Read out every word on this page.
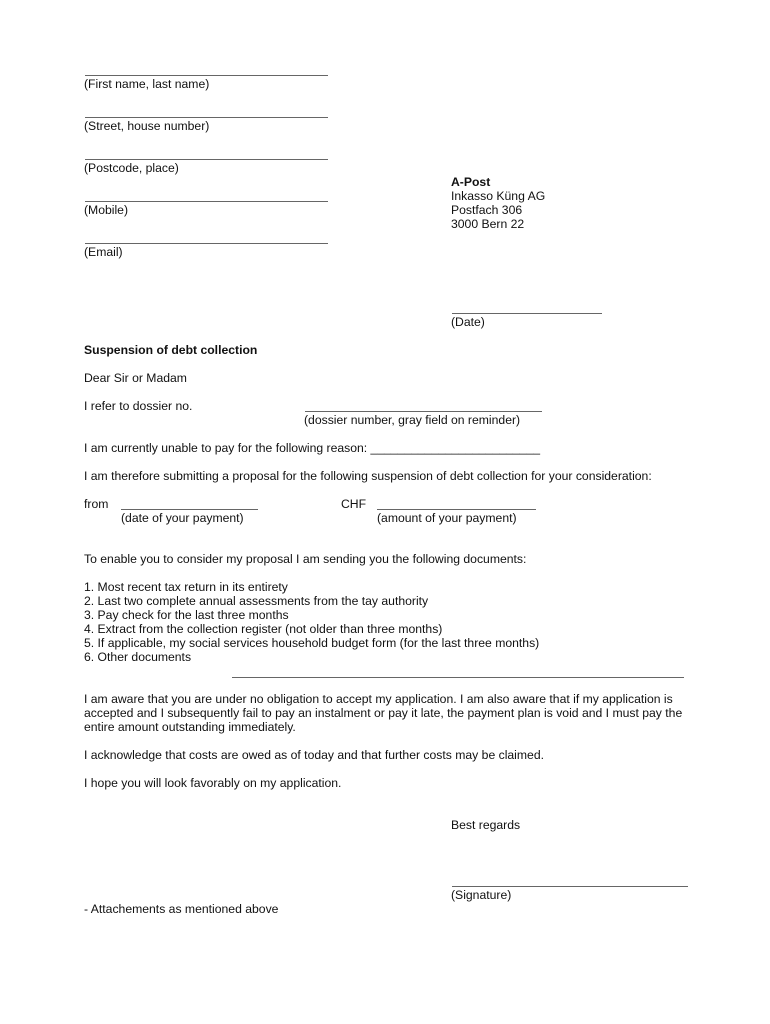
(First name, last name)
(Street, house number)
(Postcode, place)
(Mobile)
(Email)
A-Post
Inkasso Küng AG
Postfach 306
3000 Bern 22
(Date)
Suspension of debt collection
Dear Sir or Madam
I refer to dossier no.
(dossier number, gray field on reminder)
I am currently unable to pay for the following reason: _________________________
I am therefore submitting a proposal for the following suspension of debt collection for your consideration:
from
(date of your payment)
CHF
(amount of your payment)
To enable you to consider my proposal I am sending you the following documents:
1. Most recent tax return in its entirety
2. Last two complete annual assessments from the tay authority
3. Pay check for the last three months
4. Extract from the collection register (not older than three months)
5. If applicable, my social services household budget form (for the last three months)
6. Other documents
I am aware that you are under no obligation to accept my application. I am also aware that if my application is accepted and I subsequently fail to pay an instalment or pay it late, the payment plan is void and I must pay the entire amount outstanding immediately.
I acknowledge that costs are owed as of today and that further costs may be claimed.
I hope you will look favorably on my application.
Best regards
(Signature)
- Attachements as mentioned above
